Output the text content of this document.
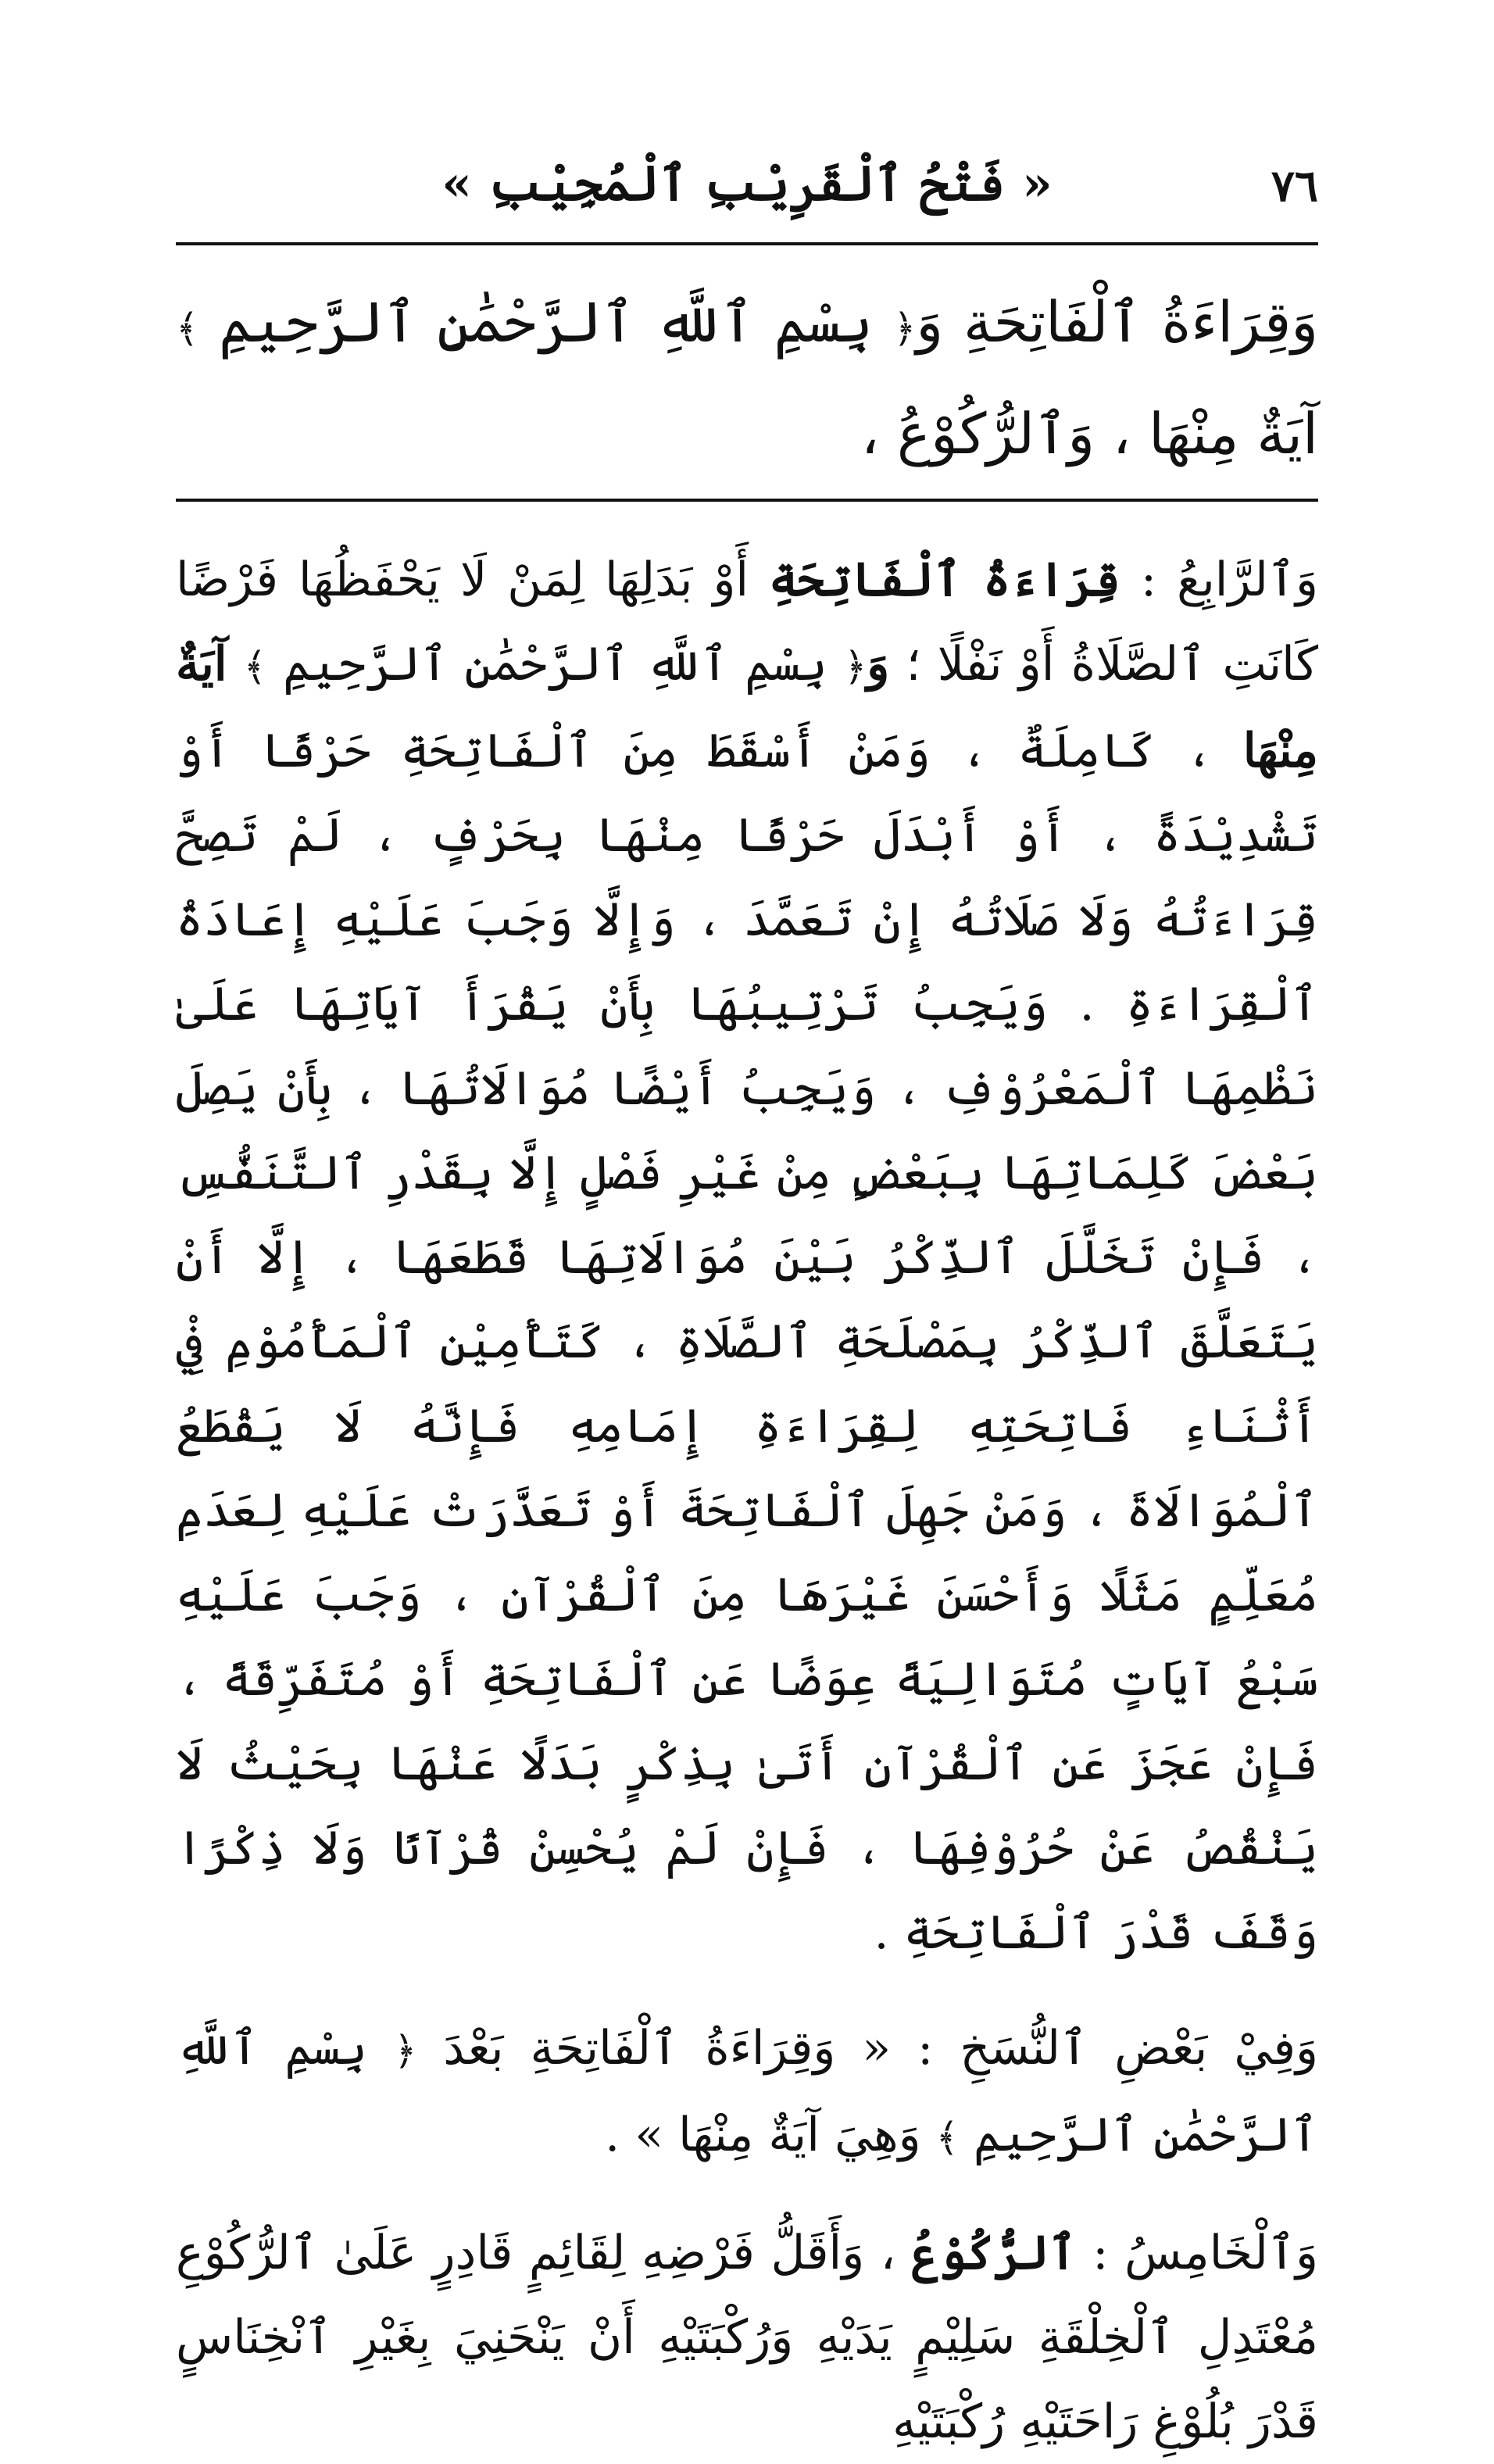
٧٦
« فَتْحُ ٱلْقَرِيْبِ ٱلْمُجِيْبِ »
وَقِرَاءَةُ ٱلْفَاتِحَةِ وَ﴿ بِسْمِ ٱللَّهِ ٱلرَّحْمَٰنِ ٱلرَّحِيمِ ﴾ آيَةٌ مِنْهَا ، وَٱلرُّكُوْعُ ،

وَٱلرَّابِعُ : قِرَاءَةُ ٱلْفَاتِحَةِ أَوْ بَدَلِهَا لِمَنْ لَا يَحْفَظُهَا فَرْضًا كَانَتِ ٱلصَّلَاةُ أَوْ نَفْلًا ؛ وَ﴿ بِسْمِ ٱللَّهِ ٱلرَّحْمَٰنِ ٱلرَّحِيمِ ﴾ آيَةٌ مِنْهَا ، كَامِلَةٌ ، وَمَنْ أَسْقَطَ مِنَ ٱلْفَاتِحَةِ حَرْفًا أَوْ تَشْدِيْدَةً ، أَوْ أَبْدَلَ حَرْفًا مِنْهَا بِحَرْفٍ ، لَمْ تَصِحَّ قِرَاءَتُهُ وَلَا صَلَاتُهُ إِنْ تَعَمَّدَ ، وَإِلَّا وَجَبَ عَلَيْهِ إِعَادَةُ ٱلْقِرَاءَةِ . وَيَجِبُ تَرْتِيبُهَا بِأَنْ يَقْرَأَ آيَاتِهَا عَلَىٰ نَظْمِهَا ٱلْمَعْرُوْفِ ، وَيَجِبُ أَيْضًا مُوَالَاتُهَا ، بِأَنْ يَصِلَ بَعْضَ كَلِمَاتِهَا بِبَعْضٍ مِنْ غَيْرِ فَصْلٍ إِلَّا بِقَدْرِ ٱلتَّنَفُّسِ ، فَإِنْ تَخَلَّلَ ٱلذِّكْرُ بَيْنَ مُوَالَاتِهَا قَطَعَهَا ، إِلَّا أَنْ يَتَعَلَّقَ ٱلذِّكْرُ بِمَصْلَحَةِ ٱلصَّلَاةِ ، كَتَأْمِيْنِ ٱلْمَأْمُوْمِ فِيْ أَثْنَاءِ فَاتِحَتِهِ لِقِرَاءَةِ إِمَامِهِ فَإِنَّهُ لَا يَقْطَعُ ٱلْمُوَالَاةَ ، وَمَنْ جَهِلَ ٱلْفَاتِحَةَ أَوْ تَعَذَّرَتْ عَلَيْهِ لِعَدَمِ مُعَلِّمٍ مَثَلًا وَأَحْسَنَ غَيْرَهَا مِنَ ٱلْقُرْآنِ ، وَجَبَ عَلَيْهِ سَبْعُ آيَاتٍ مُتَوَالِيَةً عِوَضًا عَنِ ٱلْفَاتِحَةِ أَوْ مُتَفَرِّقَةً ، فَإِنْ عَجَزَ عَنِ ٱلْقُرْآنِ أَتَىٰ بِذِكْرٍ بَدَلًا عَنْهَا بِحَيْثُ لَا يَنْقُصُ عَنْ حُرُوْفِهَا ، فَإِنْ لَمْ يُحْسِنْ قُرْآنًا وَلَا ذِكْرًا وَقَفَ قَدْرَ ٱلْفَاتِحَةِ .

وَفِيْ بَعْضِ ٱلنُّسَخِ : « وَقِرَاءَةُ ٱلْفَاتِحَةِ بَعْدَ ﴿ بِسْمِ ٱللَّهِ ٱلرَّحْمَٰنِ ٱلرَّحِيمِ ﴾ وَهِيَ آيَةٌ مِنْهَا » .

وَٱلْخَامِسُ : ٱلرُّكُوْعُ ، وَأَقَلُّ فَرْضِهِ لِقَائِمٍ قَادِرٍ عَلَىٰ ٱلرُّكُوْعِ مُعْتَدِلِ ٱلْخِلْقَةِ سَلِيْمٍ يَدَيْهِ وَرُكْبَتَيْهِ أَنْ يَنْحَنِيَ بِغَيْرِ ٱنْخِنَاسٍ قَدْرَ بُلُوْغِ رَاحَتَيْهِ رُكْبَتَيْهِ
